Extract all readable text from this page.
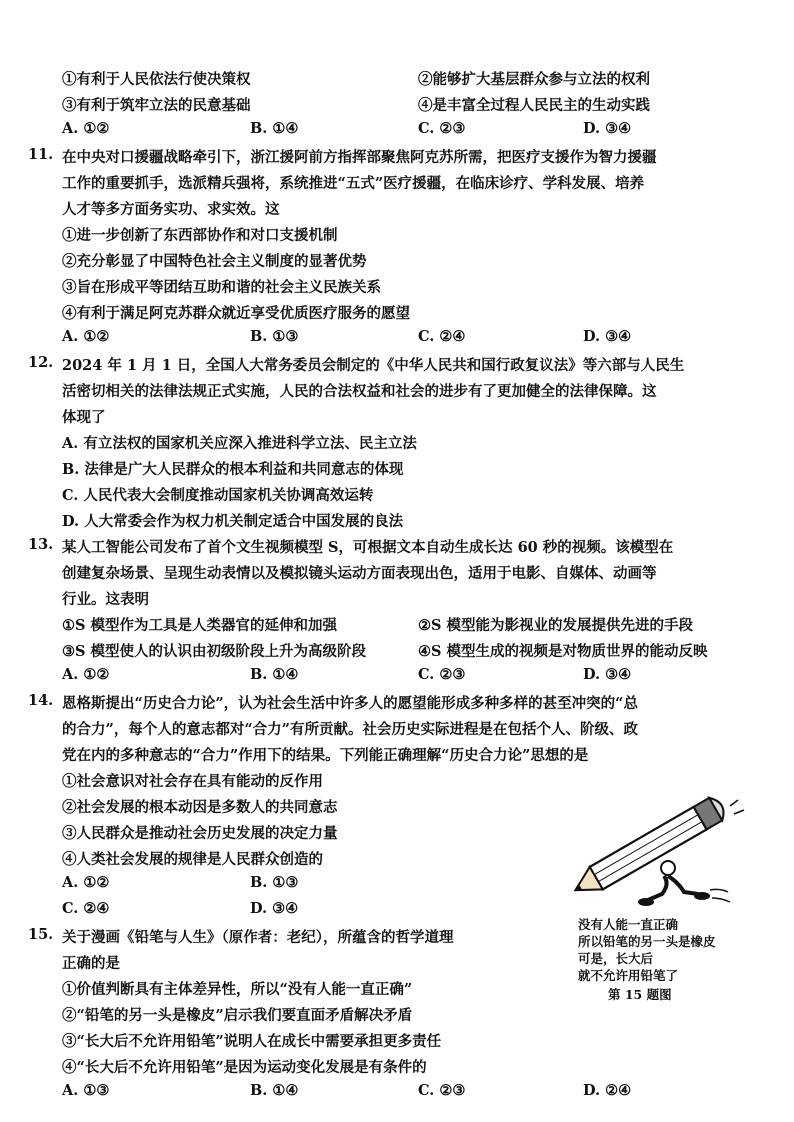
①有利于人民依法行使决策权	②能够扩大基层群众参与立法的权利
③有利于筑牢立法的民意基础	④是丰富全过程人民民主的生动实践
A. ①②	B. ①④	C. ②③	D. ③④
11. 在中央对口援疆战略牵引下，浙江援阿前方指挥部聚焦阿克苏所需，把医疗支援作为智力援疆
工作的重要抓手，选派精兵强将，系统推进“五式”医疗援疆，在临床诊疗、学科发展、培养
人才等多方面务实功、求实效。这
①进一步创新了东西部协作和对口支援机制
②充分彰显了中国特色社会主义制度的显著优势
③旨在形成平等团结互助和谐的社会主义民族关系
④有利于满足阿克苏群众就近享受优质医疗服务的愿望
A. ①②	B. ①③	C. ②④	D. ③④
12. 2024 年 1 月 1 日，全国人大常务委员会制定的《中华人民共和国行政复议法》等六部与人民生
活密切相关的法律法规正式实施，人民的合法权益和社会的进步有了更加健全的法律保障。这
体现了
A. 有立法权的国家机关应深入推进科学立法、民主立法
B. 法律是广大人民群众的根本利益和共同意志的体现
C. 人民代表大会制度推动国家机关协调高效运转
D. 人大常委会作为权力机关制定适合中国发展的良法
13. 某人工智能公司发布了首个文生视频模型 S，可根据文本自动生成长达 60 秒的视频。该模型在
创建复杂场景、呈现生动表情以及模拟镜头运动方面表现出色，适用于电影、自媒体、动画等
行业。这表明
①S 模型作为工具是人类器官的延伸和加强	②S 模型能为影视业的发展提供先进的手段
③S 模型使人的认识由初级阶段上升为高级阶段	④S 模型生成的视频是对物质世界的能动反映
A. ①②	B. ①④	C. ②③	D. ③④
14. 恩格斯提出“历史合力论”，认为社会生活中许多人的愿望能形成多种多样的甚至冲突的“总
的合力”，每个人的意志都对“合力”有所贡献。社会历史实际进程是在包括个人、阶级、政
党在内的多种意志的“合力”作用下的结果。下列能正确理解“历史合力论”思想的是
①社会意识对社会存在具有能动的反作用
②社会发展的根本动因是多数人的共同意志
③人民群众是推动社会历史发展的决定力量
④人类社会发展的规律是人民群众创造的
A. ①②	B. ①③
C. ②④	D. ③④
没有人能一直正确
所以铅笔的另一头是橡皮
可是，长大后
就不允许用铅笔了
第 15 题图
15. 关于漫画《铅笔与人生》（原作者：老纪），所蕴含的哲学道理
正确的是
①价值判断具有主体差异性，所以“没有人能一直正确”
②“铅笔的另一头是橡皮”启示我们要直面矛盾解决矛盾
③“长大后不允许用铅笔”说明人在成长中需要承担更多责任
④“长大后不允许用铅笔”是因为运动变化发展是有条件的
A. ①③	B. ①④	C. ②③	D. ②④
